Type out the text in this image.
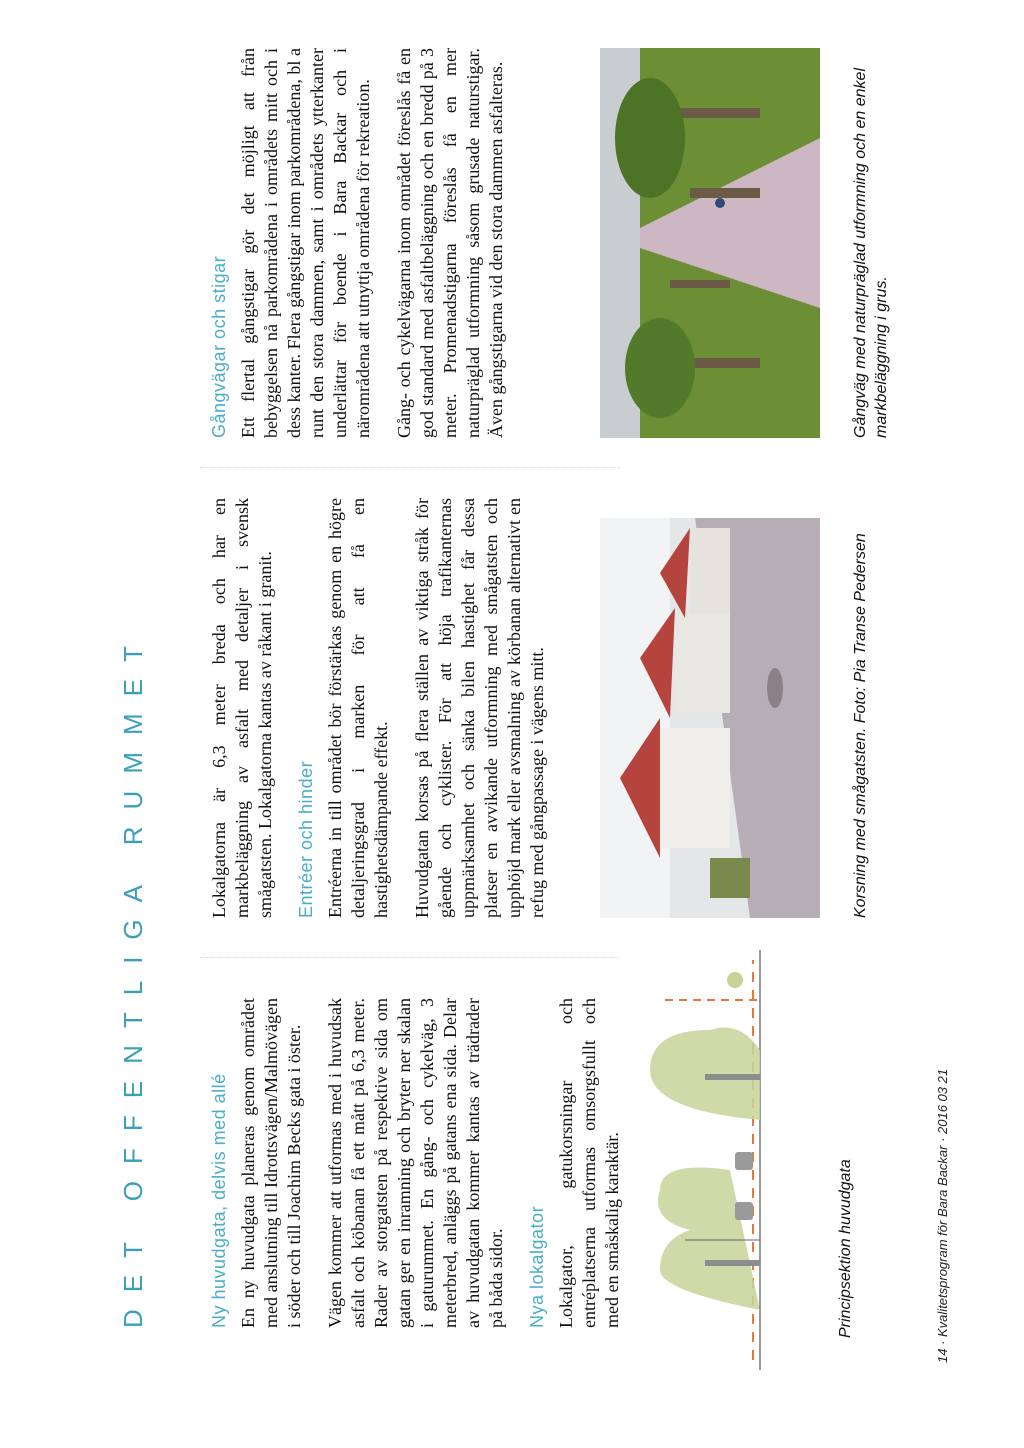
DET OFFENTLIGA RUMMET	Ny huvudgata, delvis med allé En ny huvudgata planeras genom området med anslutning till Idrottsvägen/Malmövägen i söder och till Joachim Becks gata i öster. Vägen kommer att utformas med i huvudsak asfalt och köbanan få ett mått på 6,3 meter. Rader av storgatsten på respektive sida om gatan ger en inramning och bryter ner skalan i gaturummet. En gång- och cykelväg, 3 meterbred, anläggs på gatans ena sida. Delar av huvudgatan kommer kantas av trädrader på båda sidor. Nya lokalgator Lokalgator, gatukorsningar och entréplatserna utformas omsorgsfullt och med en småskalig karaktär.	Principsektion huvudgata

Lokalgatorna är 6,3 meter breda och har en markbeläggning av asfalt med detaljer i svensk smågatsten. Lokalgatorna kantas av råkant i granit. Entréer och hinder Entréerna in till området bör förstärkas genom en högre detaljeringsgrad i marken för att få en hastighetsdämpande effekt. Huvudgatan korsas på flera ställen av viktiga stråk för gående och cyklister. För att höja trafikanternas uppmärksamhet och sänka bilen hastighet får dessa platser en avvikande utformning med smågatsten och upphöjd mark eller avsmalning av körbanan alternativt en refug med gångpassage i vägens mitt.	Korsning med smågatsten. Foto: Pia Transe Pedersen
Gångvägar och stigar Ett flertal gångstigar gör det möjligt att från bebyggelsen nå parkområdena i områdets mitt och i dess kanter. Flera gångstigar inom parkområdena, bl a runt den stora dammen, samt i områdets ytterkanter underlättar för boende i Bara Backar och i närområdena att utnyttja områdena för rekreation. Gång- och cykelvägarna inom området föreslås få en god standard med asfaltbeläggning och en bredd på 3 meter. Promenadstigarna föreslås få en mer naturpräglad utformning såsom grusade naturstigar. Även gångstigarna vid den stora dammen asfalteras.	Gångväg med naturpräglad utformning och en enkel markbeläggning i grus.
14 · Kvalitetsprogram för Bara Backar · 2016 03 21
